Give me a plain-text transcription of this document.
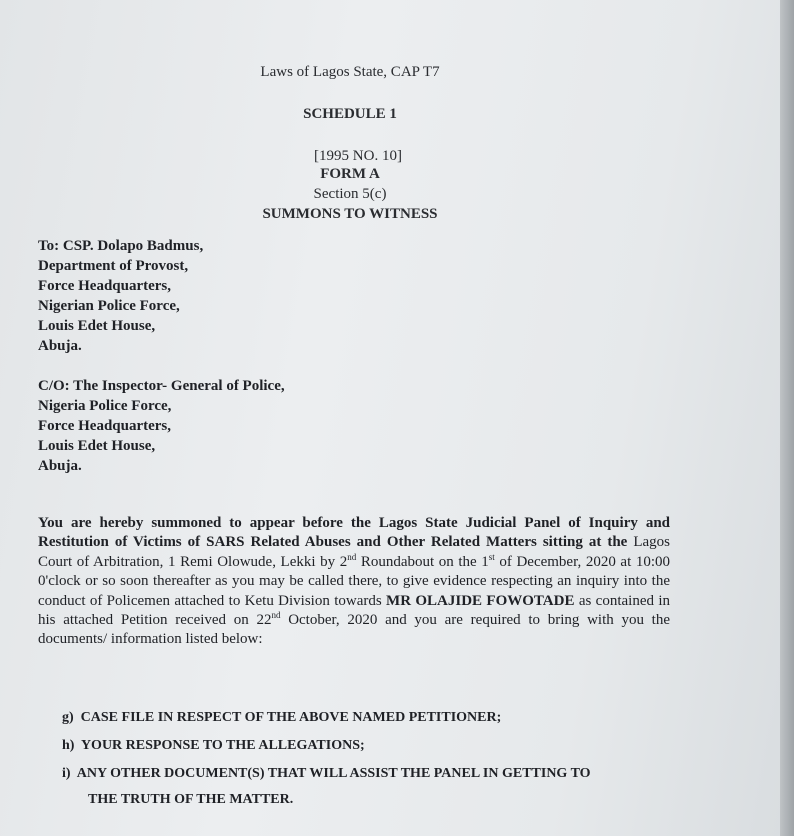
Laws of Lagos State, CAP T7
SCHEDULE 1
[1995 NO. 10]
FORM A
Section 5(c)
SUMMONS TO WITNESS
To: CSP. Dolapo Badmus,
Department of Provost,
Force Headquarters,
Nigerian Police Force,
Louis Edet House,
Abuja.
C/O: The Inspector- General of Police,
Nigeria Police Force,
Force Headquarters,
Louis Edet House,
Abuja.
You are hereby summoned to appear before the Lagos State Judicial Panel of Inquiry and Restitution of Victims of SARS Related Abuses and Other Related Matters sitting at the Lagos Court of Arbitration, 1 Remi Olowude, Lekki by 2nd Roundabout on the 1st of December, 2020 at 10:00 0'clock or so soon thereafter as you may be called there, to give evidence respecting an inquiry into the conduct of Policemen attached to Ketu Division towards MR OLAJIDE FOWOTADE as contained in his attached Petition received on 22nd October, 2020 and you are required to bring with you the documents/ information listed below:
g) CASE FILE IN RESPECT OF THE ABOVE NAMED PETITIONER;
h) YOUR RESPONSE TO THE ALLEGATIONS;
i) ANY OTHER DOCUMENT(S) THAT WILL ASSIST THE PANEL IN GETTING TO
THE TRUTH OF THE MATTER.
